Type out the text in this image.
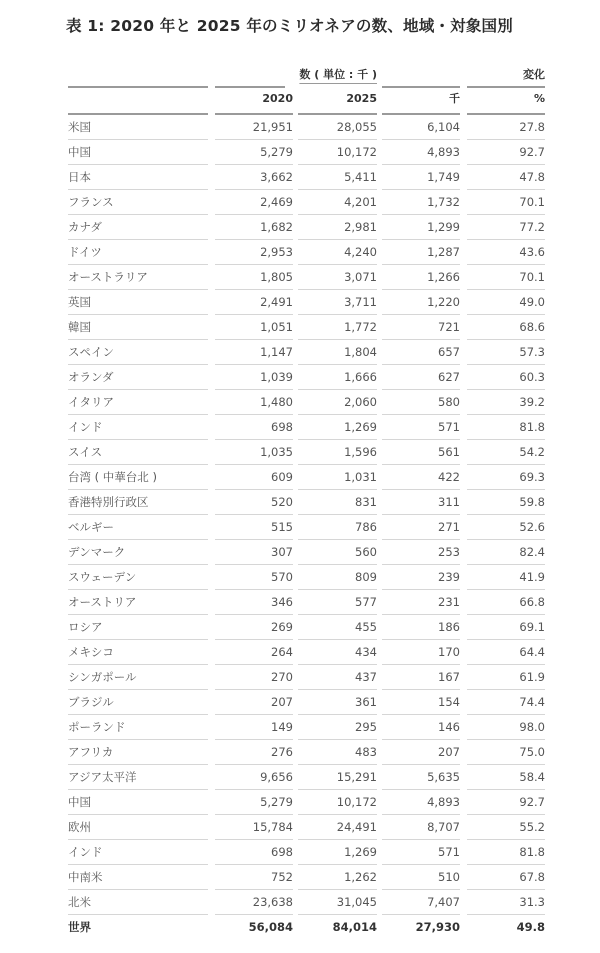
表 1: 2020 年と 2025 年のミリオネアの数、地域・対象国別
数 ( 単位 : 千 )	変化
2020	2025	千	%
米国	21,951	28,055	6,104	27.8
中国	5,279	10,172	4,893	92.7
日本	3,662	5,411	1,749	47.8
フランス	2,469	4,201	1,732	70.1
カナダ	1,682	2,981	1,299	77.2
ドイツ	2,953	4,240	1,287	43.6
オーストラリア	1,805	3,071	1,266	70.1
英国	2,491	3,711	1,220	49.0
韓国	1,051	1,772	721	68.6
スペイン	1,147	1,804	657	57.3
オランダ	1,039	1,666	627	60.3
イタリア	1,480	2,060	580	39.2
インド	698	1,269	571	81.8
スイス	1,035	1,596	561	54.2
台湾 ( 中華台北 )	609	1,031	422	69.3
香港特別行政区	520	831	311	59.8
ベルギー	515	786	271	52.6
デンマーク	307	560	253	82.4
スウェーデン	570	809	239	41.9
オーストリア	346	577	231	66.8
ロシア	269	455	186	69.1
メキシコ	264	434	170	64.4
シンガポール	270	437	167	61.9
ブラジル	207	361	154	74.4
ポーランド	149	295	146	98.0
アフリカ	276	483	207	75.0
アジア太平洋	9,656	15,291	5,635	58.4
中国	5,279	10,172	4,893	92.7
欧州	15,784	24,491	8,707	55.2
インド	698	1,269	571	81.8
中南米	752	1,262	510	67.8
北米	23,638	31,045	7,407	31.3
世界	56,084	84,014	27,930	49.8
